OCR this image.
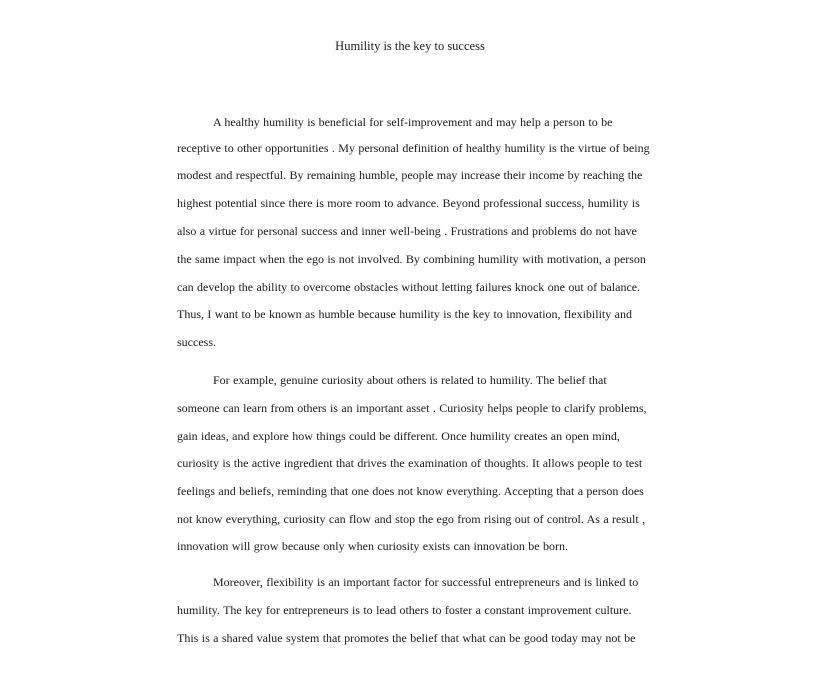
Humility is the key to success
A healthy humility is beneficial for self-improvement and may help a person to be
receptive to other opportunities . My personal definition of healthy humility is the virtue of being
modest and respectful. By remaining humble, people may increase their income by reaching the
highest potential since there is more room to advance. Beyond professional success, humility is
also a virtue for personal success and inner well-being . Frustrations and problems do not have
the same impact when the ego is not involved. By combining humility with motivation, a person
can develop the ability to overcome obstacles without letting failures knock one out of balance.
Thus, I want to be known as humble because humility is the key to innovation, flexibility and
success.
For example, genuine curiosity about others is related to humility. The belief that
someone can learn from others is an important asset . Curiosity helps people to clarify problems,
gain ideas, and explore how things could be different. Once humility creates an open mind,
curiosity is the active ingredient that drives the examination of thoughts. It allows people to test
feelings and beliefs, reminding that one does not know everything. Accepting that a person does
not know everything, curiosity can flow and stop the ego from rising out of control. As a result ,
innovation will grow because only when curiosity exists can innovation be born.
Moreover, flexibility is an important factor for successful entrepreneurs and is linked to
humility. The key for entrepreneurs is to lead others to foster a constant improvement culture.
This is a shared value system that promotes the belief that what can be good today may not be
